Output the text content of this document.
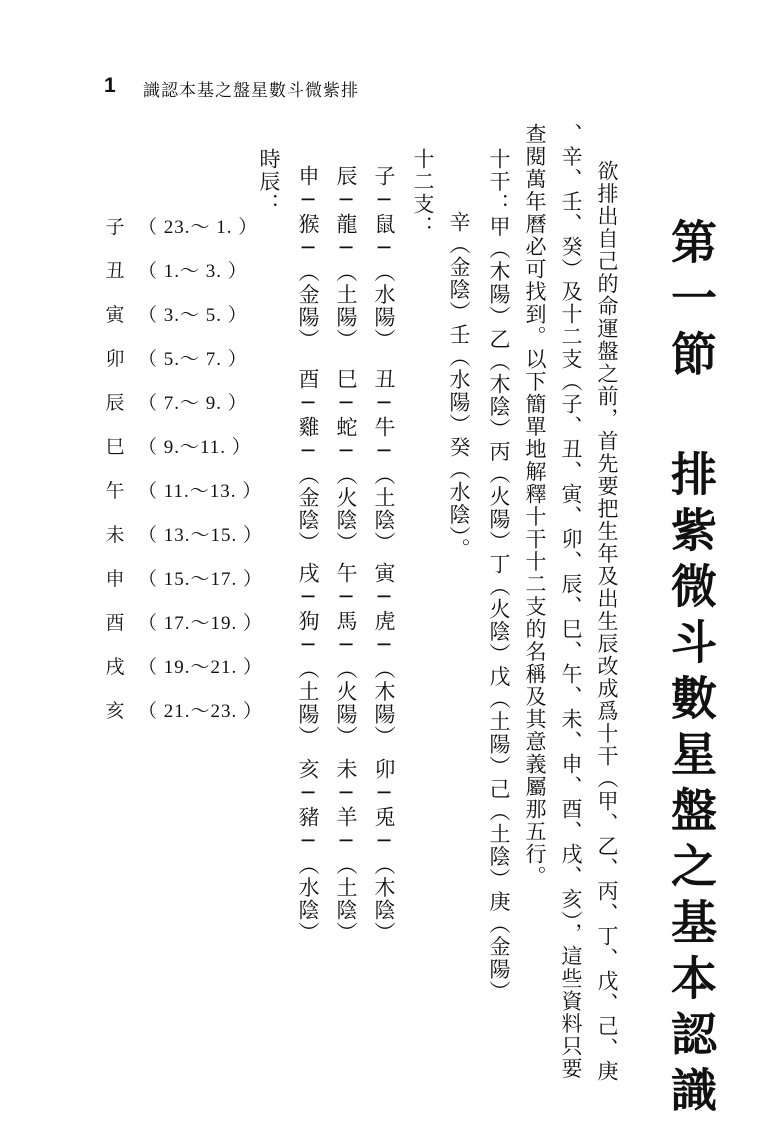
1 識認本基之盤星數斗微紫排
第一節 排紫微斗數星盤之基本認識
欲排出自己的命運盤之前，首先要把生年及出生辰改成爲十干（甲、乙、丙、丁、戊、己、庚
、辛、壬、癸）及十二支（子、丑、寅、卯、辰、巳、午、未、申、酉、戌、亥），這些資料只要
查閱萬年曆必可找到。以下簡單地解釋十干十二支的名稱及其意義屬那五行。
十干：甲（木陽）乙（木陰）丙（火陽）丁（火陰）戊（土陽）己（土陰）庚（金陽）
辛（金陰）壬（水陽）癸（水陰）。
十二支：
子─鼠─（水陽）
丑─牛─（土陰）
寅─虎─（木陽）
卯─兎─（木陰）
辰─龍─（土陽）
巳─蛇─（火陰）
午─馬─（火陽）
未─羊─（土陰）
申─猴─（金陽）
酉─雞─（金陰）
戌─狗─（土陽）
亥─豬─（水陰）
時辰：
子 （ 23.～ 1. ）
丑 （ 1.～ 3. ）
寅 （ 3.～ 5. ）
卯 （ 5.～ 7. ）
辰 （ 7.～ 9. ）
巳 （ 9.～11. ）
午 （ 11.～13. ）
未 （ 13.～15. ）
申 （ 15.～17. ）
酉 （ 17.～19. ）
戌 （ 19.～21. ）
亥 （ 21.～23. ）
